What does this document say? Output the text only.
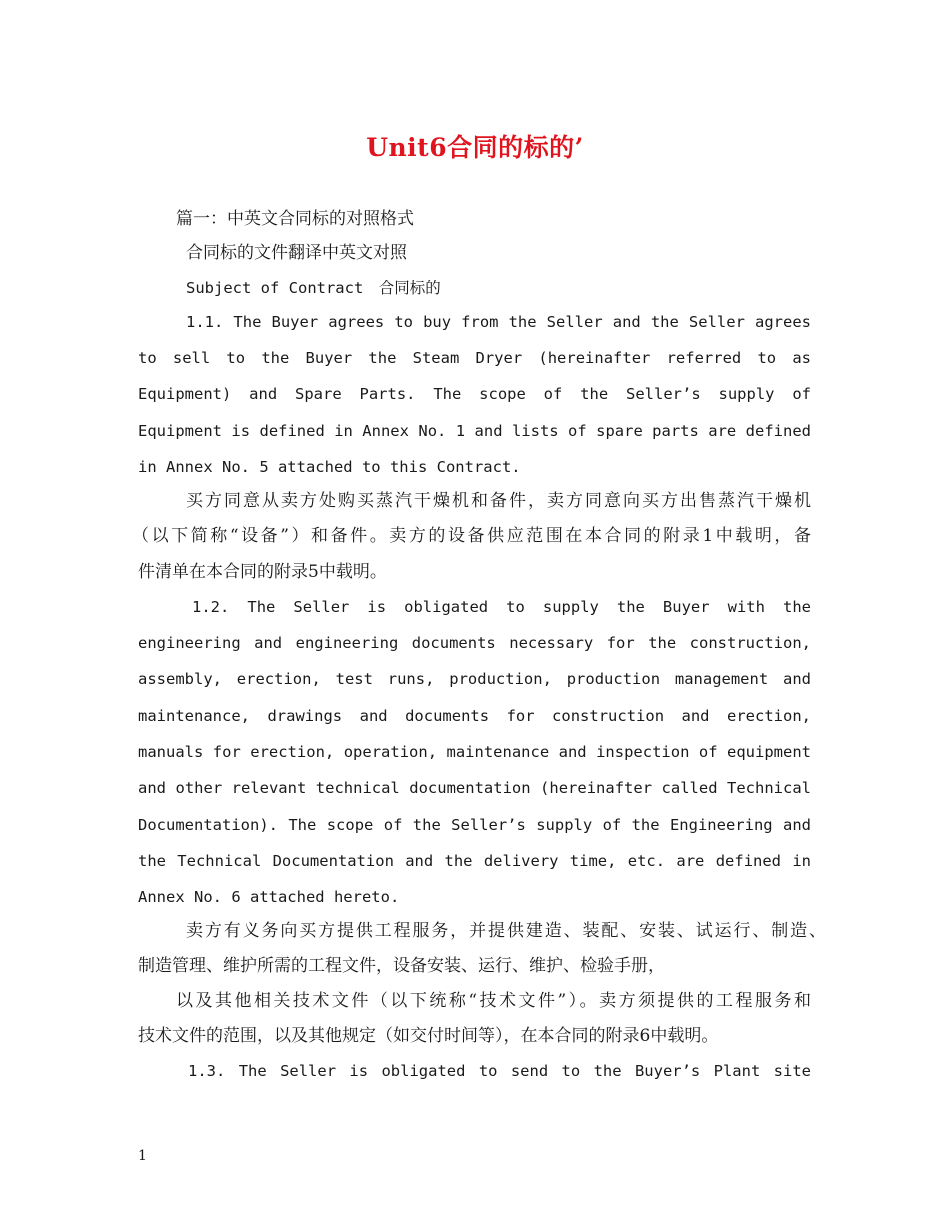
Unit6合同的标的’
篇一：中英文合同标的对照格式
合同标的文件翻译中英文对照
Subject of Contract　合同标的
1.1. The Buyer agrees to buy from the Seller and the Seller agrees
to sell to the Buyer the Steam Dryer (hereinafter referred to as
Equipment) and Spare Parts. The scope of the Seller’s supply of
Equipment is defined in Annex No. 1 and lists of spare parts are defined
in Annex No. 5 attached to this Contract.
买方同意从卖方处购买蒸汽干燥机和备件，卖方同意向买方出售蒸汽干燥机
（以下简称“设备”）和备件。卖方的设备供应范围在本合同的附录1中载明，备
件清单在本合同的附录5中载明。
1.2. The Seller is obligated to supply the Buyer with the
engineering and engineering documents necessary for the construction,
assembly, erection, test runs, production, production management and
maintenance, drawings and documents for construction and erection,
manuals for erection, operation, maintenance and inspection of equipment
and other relevant technical documentation (hereinafter called Technical
Documentation). The scope of the Seller’s supply of the Engineering and
the Technical Documentation and the delivery time, etc. are defined in
Annex No. 6 attached hereto.
卖方有义务向买方提供工程服务，并提供建造、装配、安装、试运行、制造、
制造管理、维护所需的工程文件，设备安装、运行、维护、检验手册，
以及其他相关技术文件（以下统称“技术文件”）。卖方须提供的工程服务和
技术文件的范围，以及其他规定（如交付时间等），在本合同的附录6中载明。
1.3. The Seller is obligated to send to the Buyer’s Plant site
1
